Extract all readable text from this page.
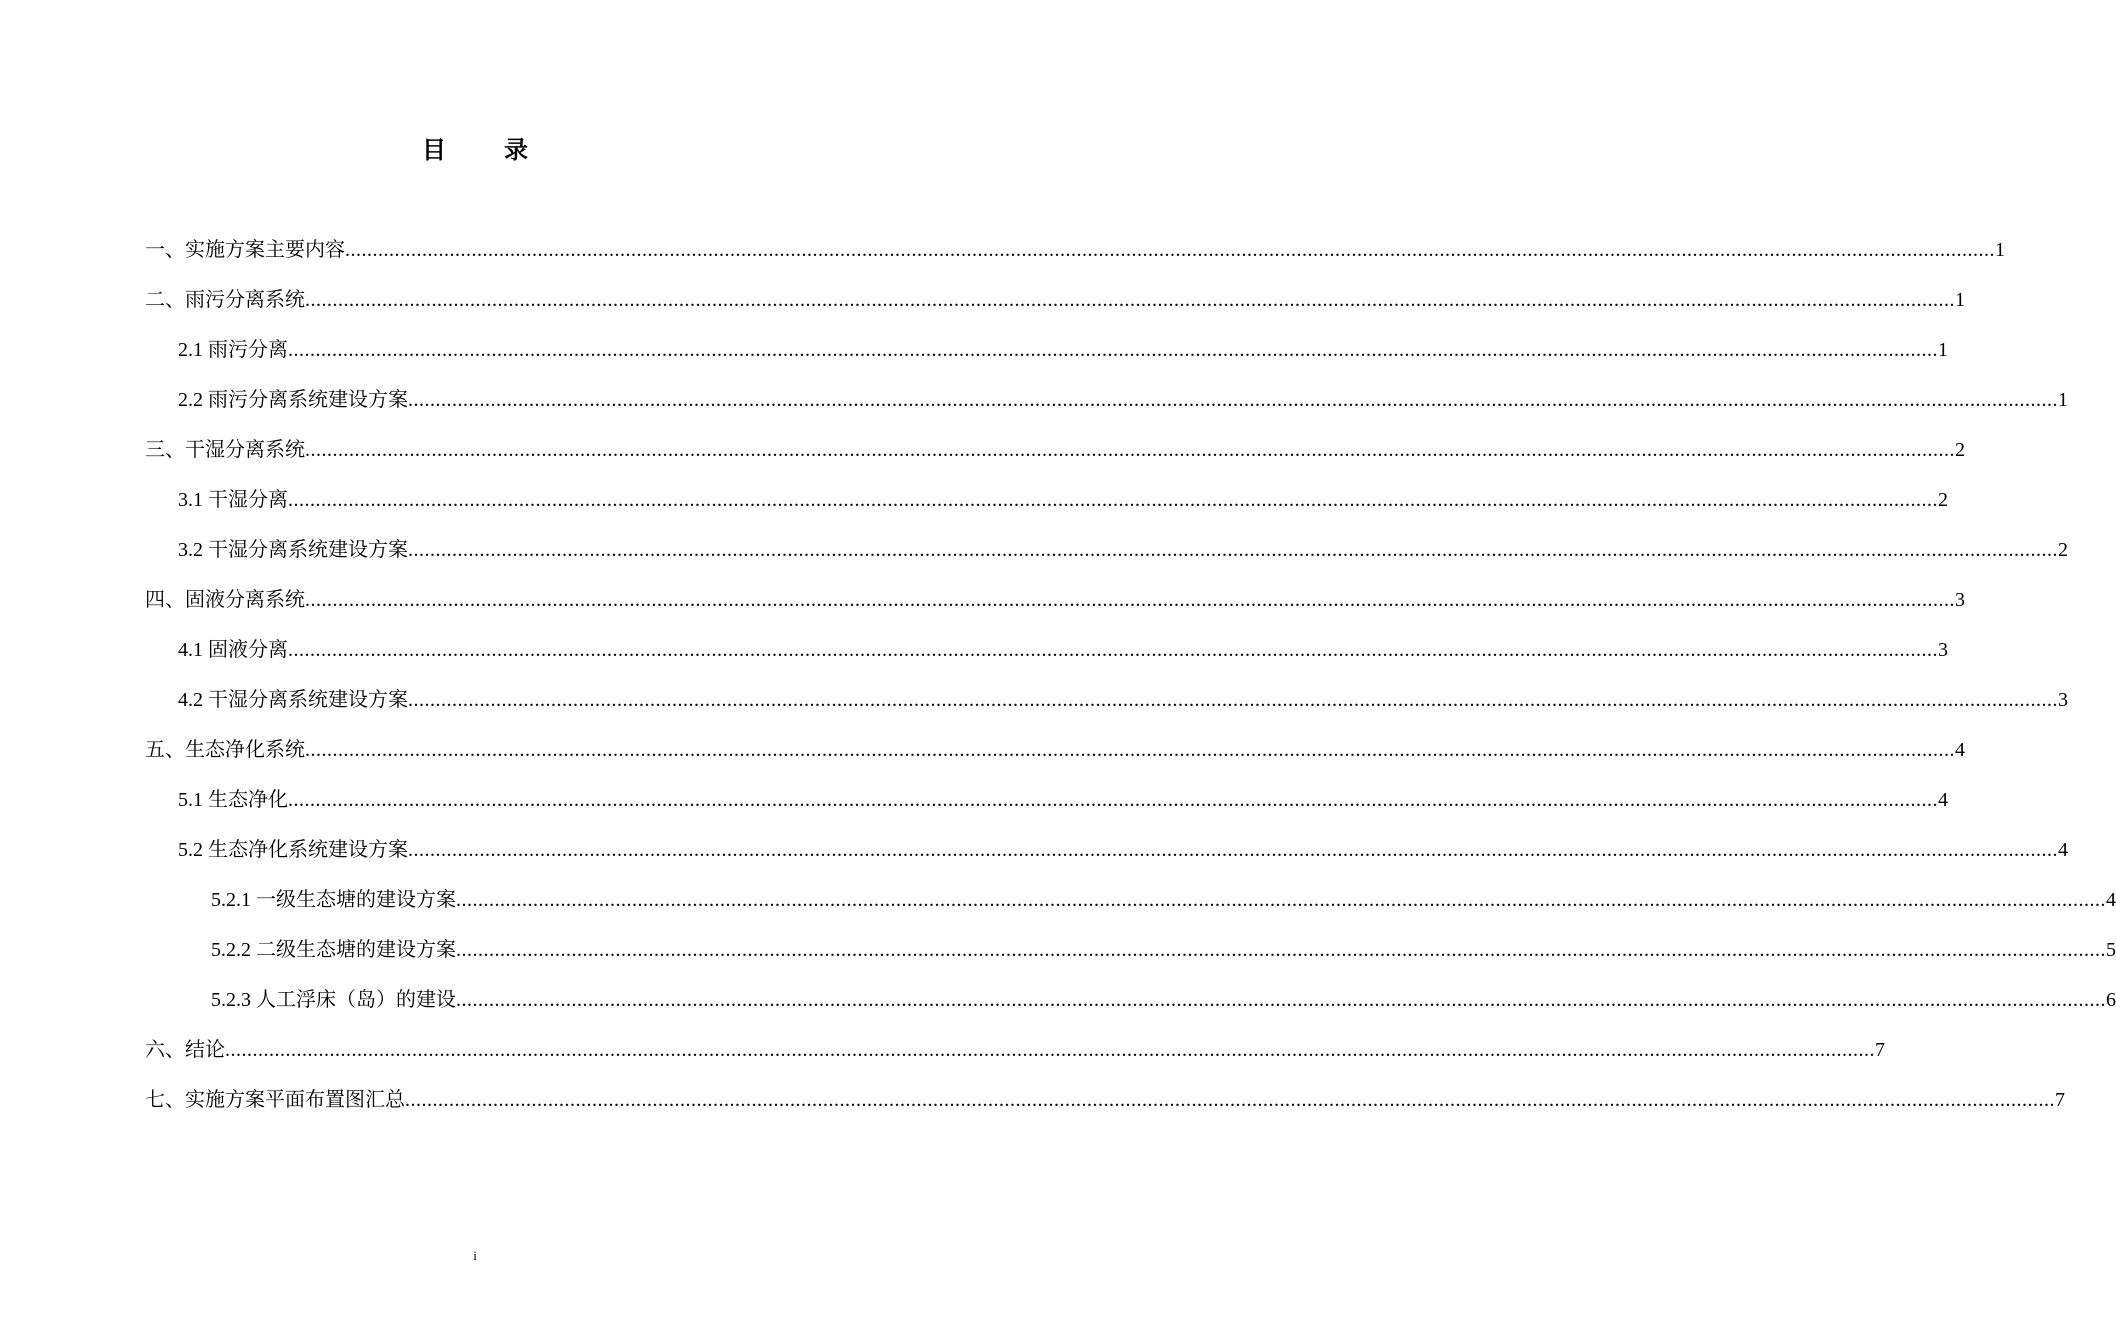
目 录
一、实施方案主要内容 ............................................................................................................................................................................................................................................................................................................ 1
二、雨污分离系统 ............................................................................................................................................................................................................................................................................................................ 1
2.1 雨污分离 ............................................................................................................................................................................................................................................................................................................ 1
2.2 雨污分离系统建设方案 ............................................................................................................................................................................................................................................................................................................ 1
三、干湿分离系统 ............................................................................................................................................................................................................................................................................................................ 2
3.1 干湿分离 ............................................................................................................................................................................................................................................................................................................ 2
3.2 干湿分离系统建设方案 ............................................................................................................................................................................................................................................................................................................ 2
四、固液分离系统 ............................................................................................................................................................................................................................................................................................................ 3
4.1 固液分离 ............................................................................................................................................................................................................................................................................................................ 3
4.2 干湿分离系统建设方案 ............................................................................................................................................................................................................................................................................................................ 3
五、生态净化系统 ............................................................................................................................................................................................................................................................................................................ 4
5.1 生态净化 ............................................................................................................................................................................................................................................................................................................ 4
5.2 生态净化系统建设方案 ............................................................................................................................................................................................................................................................................................................ 4
5.2.1 一级生态塘的建设方案 ............................................................................................................................................................................................................................................................................................................ 4
5.2.2 二级生态塘的建设方案 ............................................................................................................................................................................................................................................................................................................ 5
5.2.3 人工浮床（岛）的建设 ............................................................................................................................................................................................................................................................................................................ 6
六、结论 ............................................................................................................................................................................................................................................................................................................ 7
七、实施方案平面布置图汇总 ............................................................................................................................................................................................................................................................................................................ 7
i
